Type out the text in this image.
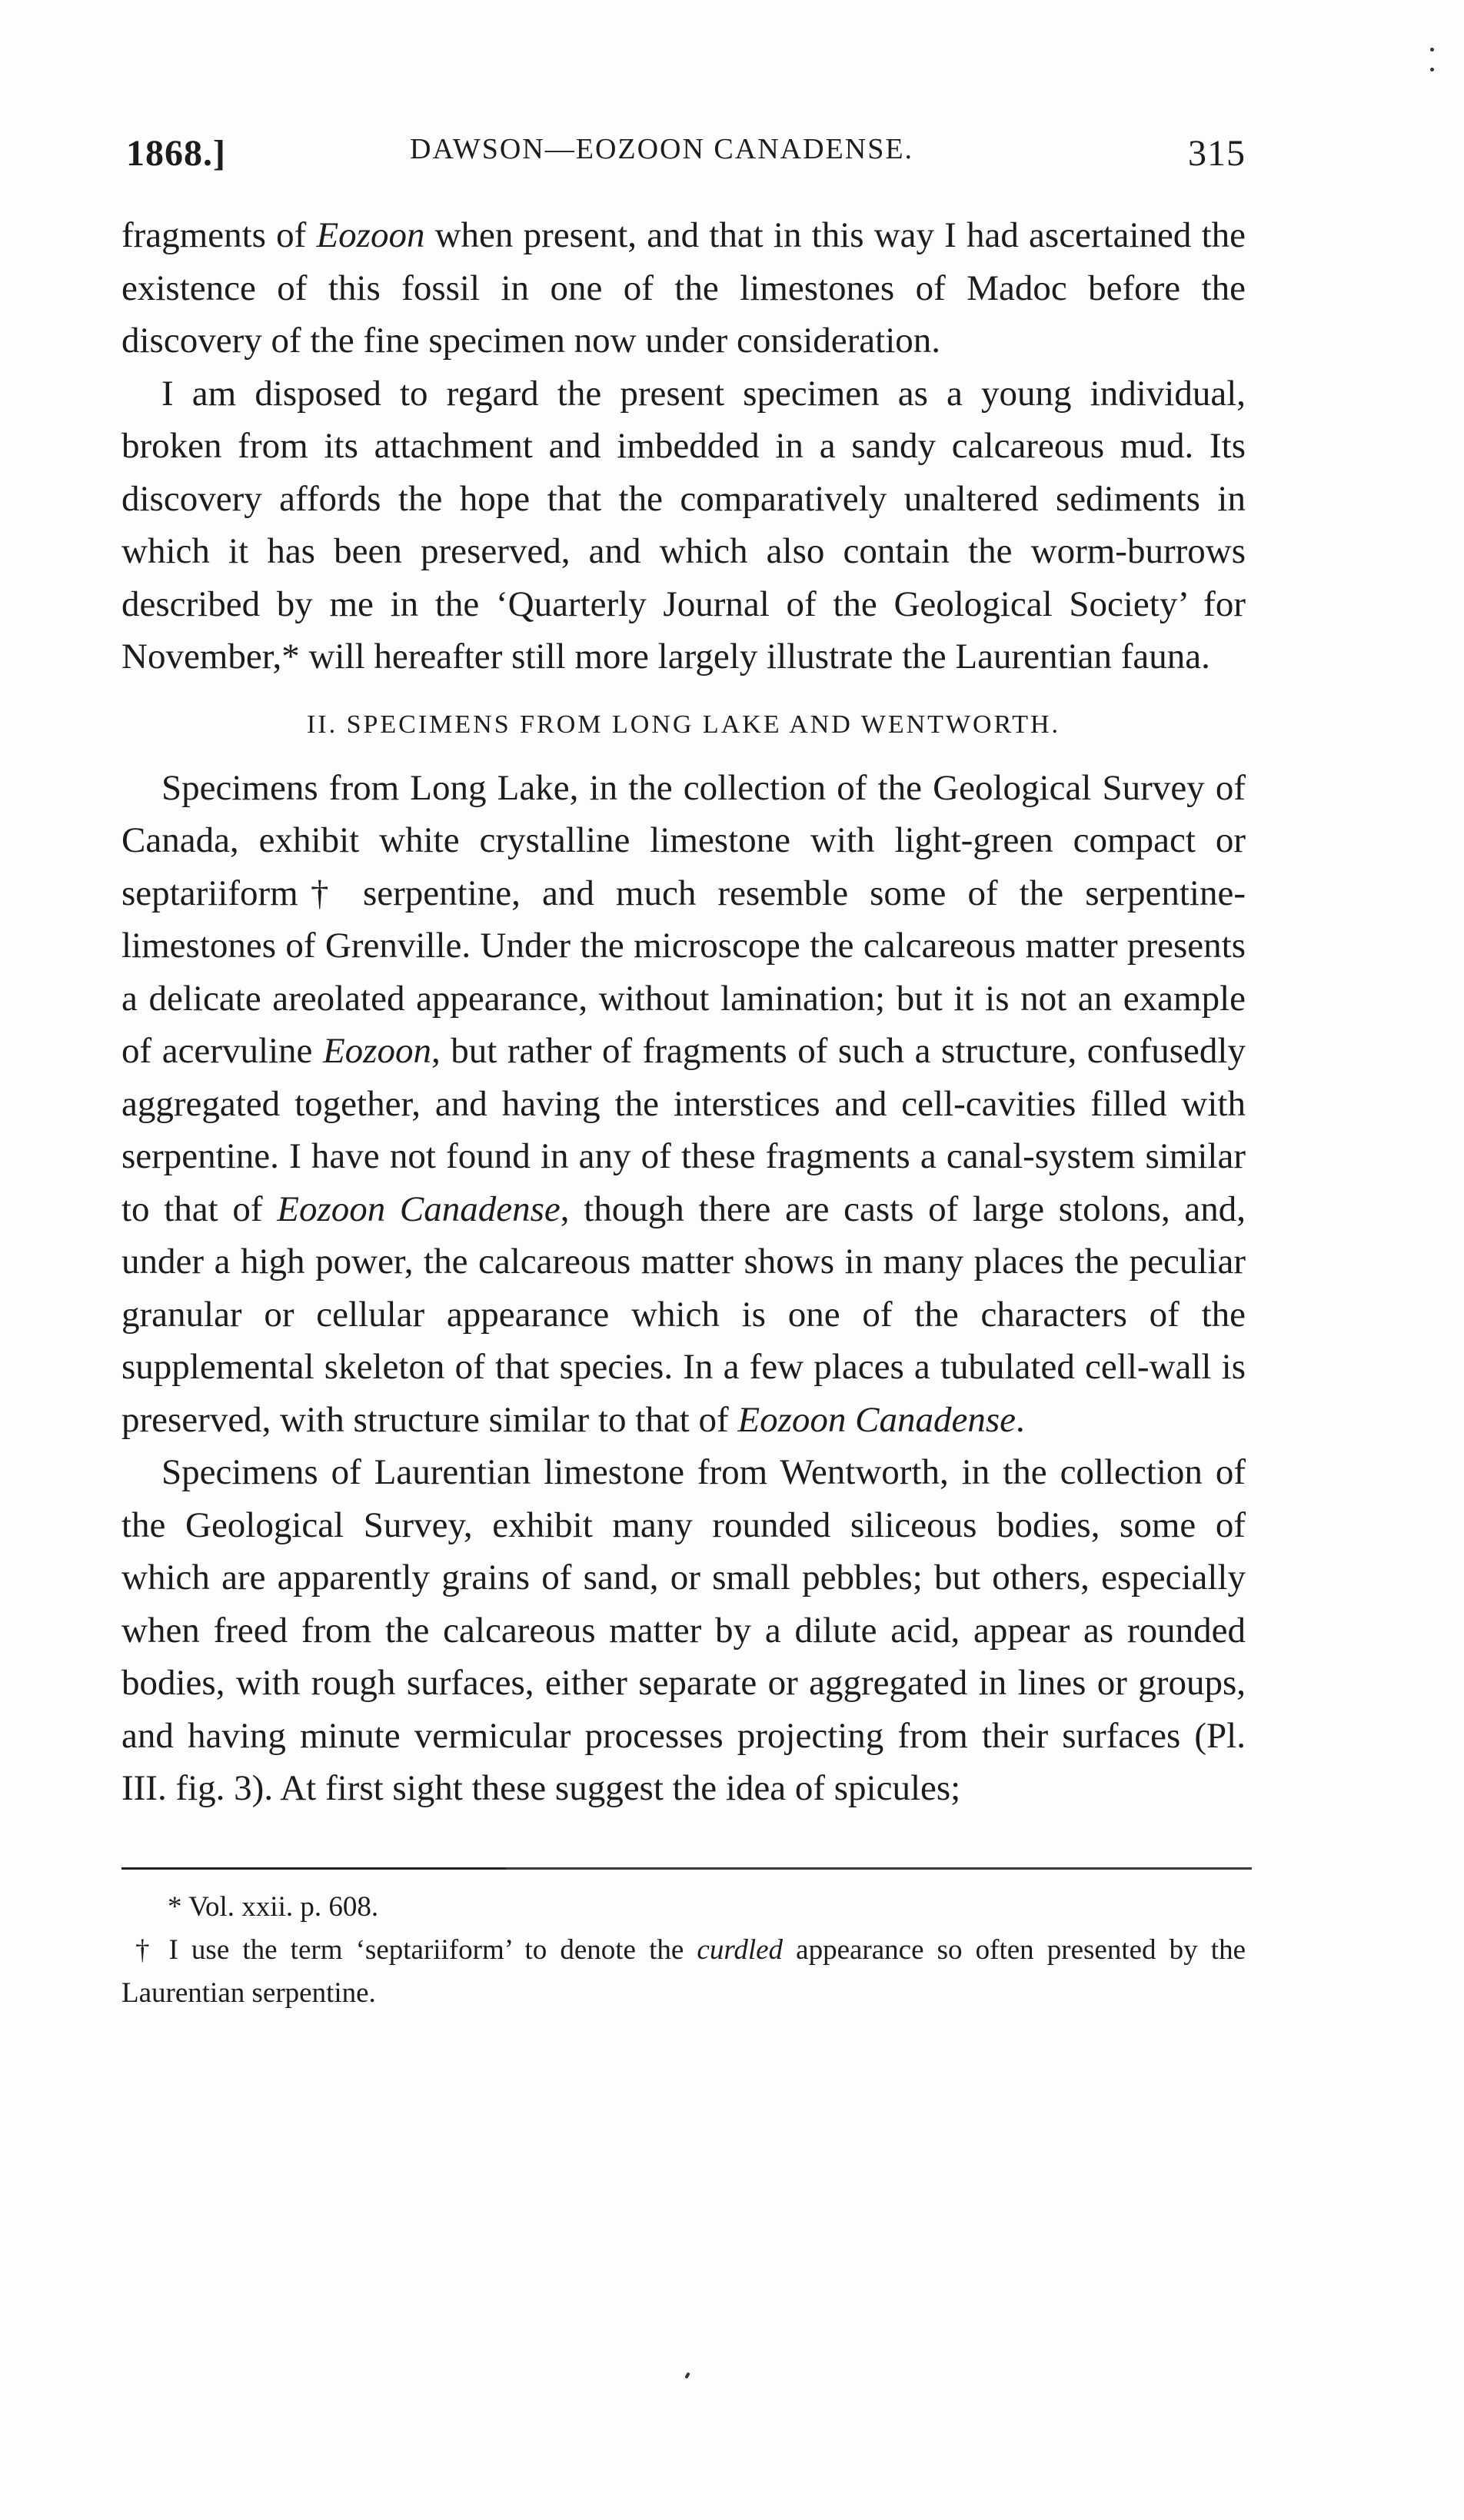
1868.]	DAWSON—EOZOON CANADENSE.	315

fragments of Eozoon when present, and that in this way I had ascertained the existence of this fossil in one of the limestones of Madoc before the discovery of the fine specimen now under consideration.

I am disposed to regard the present specimen as a young individual, broken from its attachment and imbedded in a sandy calcareous mud. Its discovery affords the hope that the comparatively unaltered sediments in which it has been preserved, and which also contain the worm-burrows described by me in the ‘Quarterly Journal of the Geological Society’ for November,* will hereafter still more largely illustrate the Laurentian fauna.

II. SPECIMENS FROM LONG LAKE AND WENTWORTH.

Specimens from Long Lake, in the collection of the Geological Survey of Canada, exhibit white crystalline limestone with light-green compact or septariiform† serpentine, and much resemble some of the serpentine-limestones of Grenville. Under the microscope the calcareous matter presents a delicate areolated appearance, without lamination; but it is not an example of acervuline Eozoon, but rather of fragments of such a structure, confusedly aggregated together, and having the interstices and cell-cavities filled with serpentine. I have not found in any of these fragments a canal-system similar to that of Eozoon Canadense, though there are casts of large stolons, and, under a high power, the calcareous matter shows in many places the peculiar granular or cellular appearance which is one of the characters of the supplemental skeleton of that species. In a few places a tubulated cell-wall is preserved, with structure similar to that of Eozoon Canadense.

Specimens of Laurentian limestone from Wentworth, in the collection of the Geological Survey, exhibit many rounded siliceous bodies, some of which are apparently grains of sand, or small pebbles; but others, especially when freed from the calcareous matter by a dilute acid, appear as rounded bodies, with rough surfaces, either separate or aggregated in lines or groups, and having minute vermicular processes projecting from their surfaces (Pl. III. fig. 3). At first sight these suggest the idea of spicules;

* Vol. xxii. p. 608.

† I use the term ‘septariiform’ to denote the curdled appearance so often presented by the Laurentian serpentine.
